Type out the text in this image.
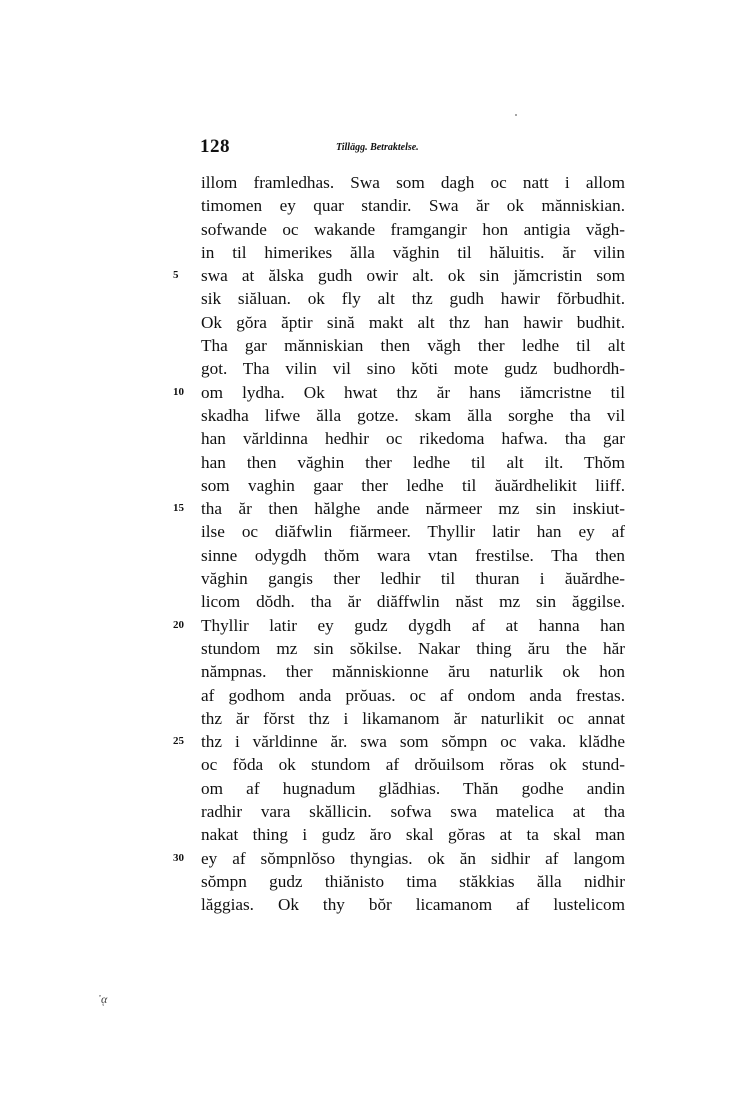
128	Tillägg. Betraktelse.
illom framledhas. Swa som dagh oc natt i allom
timomen ey quar standir. Swa ăr ok mănniskian.
sofwande oc wakande framgangir hon antigia văgh-
in til himerikes ălla văghin til hăluitis. ăr vilin
5 swa at ălska gudh owir alt. ok sin jămcristin som
sik siăluan. ok fly alt thz gudh hawir fŏrbudhit.
Ok gŏra ăptir sină makt alt thz han hawir budhit.
Tha gar mănniskian then văgh ther ledhe til alt
got. Tha vilin vil sino kŏti mote gudz budhordh-
10 om lydha. Ok hwat thz ăr hans iămcristne til
skadha lifwe ălla gotze. skam ălla sorghe tha vil
han vărldinna hedhir oc rikedoma hafwa. tha gar
han then văghin ther ledhe til alt ilt. Thŏm
som vaghin gaar ther ledhe til ăuărdhelikit liiff.
15 tha ăr then hălghe ande nărmeer mz sin inskiut-
ilse oc diăfwlin fiărmeer. Thyllir latir han ey af
sinne odygdh thŏm wara vtan frestilse. Tha then
văghin gangis ther ledhir til thuran i ăuărdhe-
licom dŏdh. tha ăr diăffwlin năst mz sin ăggilse.
20 Thyllir latir ey gudz dygdh af at hanna han
stundom mz sin sŏkilse. Nakar thing ăru the hăr
nămpnas. ther mănniskionne ăru naturlik ok hon
af godhom anda prŏuas. oc af ondom anda frestas.
thz ăr fŏrst thz i likamanom ăr naturlikit oc annat
25 thz i vărldinne ăr. swa som sŏmpn oc vaka. klădhe
oc fŏda ok stundom af drŏuilsom rŏras ok stund-
om af hugnadum glădhias. Thăn godhe andin
radhir vara skăllicin. sofwa swa matelica at tha
nakat thing i gudz ăro skal gŏras at ta skal man
30 ey af sŏmpnlŏso thyngias. ok ăn sidhir af langom
sŏmpn gudz thiănisto tima stăkkias ălla nidhir
lăggias. Ok thy bŏr licamanom af lustelicom
᾽ᾳ
